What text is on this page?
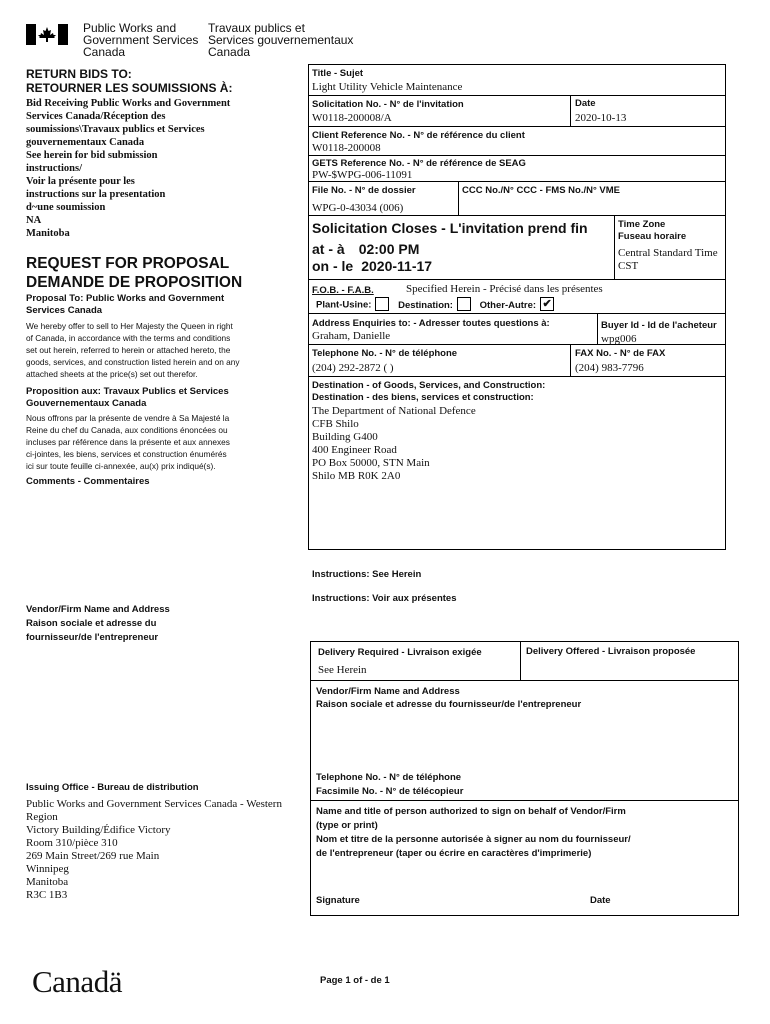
Public Works and
Government Services
Canada
Travaux publics et
Services gouvernementaux
Canada
RETURN BIDS TO:
RETOURNER LES SOUMISSIONS À:
Bid Receiving Public Works and Government
Services Canada/Réception des
soumissions\Travaux publics et Services
gouvernementaux Canada
See herein for bid submission
instructions/
Voir la présente pour les
instructions sur la presentation
d~une soumission
NA
Manitoba
REQUEST FOR PROPOSAL
DEMANDE DE PROPOSITION
Proposal To: Public Works and Government
Services Canada
We hereby offer to sell to Her Majesty the Queen in right
of Canada, in accordance with the terms and conditions
set out herein, referred to herein or attached hereto, the
goods, services, and construction listed herein and on any
attached sheets at the price(s) set out therefor.
Proposition aux: Travaux Publics et Services
Gouvernementaux Canada
Nous offrons par la présente de vendre à Sa Majesté la
Reine du chef du Canada, aux conditions énoncées ou
incluses par référence dans la présente et aux annexes
ci-jointes, les biens, services et construction énumérés
ici sur toute feuille ci-annexée, au(x) prix indiqué(s).
Comments - Commentaires
Vendor/Firm Name and Address
Raison sociale et adresse du
fournisseur/de l'entrepreneur
Issuing Office - Bureau de distribution
Public Works and Government Services Canada - Western
Region
Victory Building/Édifice Victory
Room 310/pièce 310
269 Main Street/269 rue Main
Winnipeg
Manitoba
R3C 1B3
Title - Sujet
Light Utility Vehicle Maintenance
Solicitation No. - N° de l'invitation
W0118-200008/A
Date
2020-10-13
Client Reference No. - N° de référence du client
W0118-200008
GETS Reference No. - N° de référence de SEAG
PW-$WPG-006-11091
File No. - N° de dossier
WPG-0-43034 (006)
CCC No./N° CCC - FMS No./N° VME
Solicitation Closes - L'invitation prend fin
at - à 02:00 PM
on - le 2020-11-17
Time Zone
Fuseau horaire
Central Standard Time
CST
F.O.B. - F.A.B.	Specified Herein - Précisé dans les présentes
Plant-Usine:	Destination:	Other-Autre: ✔
Address Enquiries to: - Adresser toutes questions à:
Graham, Danielle
Buyer Id - Id de l'acheteur
wpg006
Telephone No. - N° de téléphone
(204) 292-2872 ( )
FAX No. - N° de FAX
(204) 983-7796
Destination - of Goods, Services, and Construction:
Destination - des biens, services et construction:
The Department of National Defence
CFB Shilo
Building G400
400 Engineer Road
PO Box 50000, STN Main
Shilo MB R0K 2A0
Instructions: See Herein
Instructions: Voir aux présentes
Delivery Required - Livraison exigée
See Herein
Delivery Offered - Livraison proposée
Vendor/Firm Name and Address
Raison sociale et adresse du fournisseur/de l'entrepreneur
Telephone No. - N° de téléphone
Facsimile No. - N° de télécopieur
Name and title of person authorized to sign on behalf of Vendor/Firm
(type or print)
Nom et titre de la personne autorisée à signer au nom du fournisseur/
de l'entrepreneur (taper ou écrire en caractères d'imprimerie)
Signature	Date
Canadä	Page 1 of - de 1
